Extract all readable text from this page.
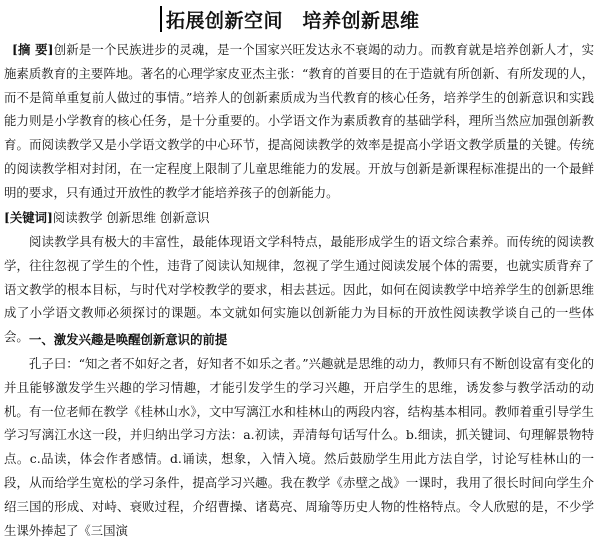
拓展创新空间　培养创新思维

[摘 要]创新是一个民族进步的灵魂，是一个国家兴旺发达永不衰竭的动力。而教育就是培养创新人才，实施素质教育的主要阵地。著名的心理学家皮亚杰主张：“教育的首要目的在于造就有所创新、有所发现的人，而不是简单重复前人做过的事情。”培养人的创新素质成为当代教育的核心任务，培养学生的创新意识和实践能力则是小学教育的核心任务，是十分重要的。小学语文作为素质教育的基础学科，理所当然应加强创新教育。而阅读教学又是小学语文教学的中心环节，提高阅读教学的效率是提高小学语文教学质量的关键。传统的阅读教学相对封闭，在一定程度上限制了儿童思维能力的发展。开放与创新是新课程标准提出的一个最鲜明的要求，只有通过开放性的教学才能培养孩子的创新能力。

[关键词]阅读教学 创新思维 创新意识

阅读教学具有极大的丰富性，最能体现语文学科特点，最能形成学生的语文综合素养。而传统的阅读教学，往往忽视了学生的个性，违背了阅读认知规律，忽视了学生通过阅读发展个体的需要，也就实质背弃了语文教学的根本目标，与时代对学校教学的要求，相去甚远。因此，如何在阅读教学中培养学生的创新思维成了小学语文教师必须探讨的课题。本文就如何实施以创新能力为目标的开放性阅读教学谈自己的一些体会。 一、激发兴趣是唤醒创新意识的前提

孔子曰：“知之者不如好之者，好知者不如乐之者。”兴趣就是思维的动力，教师只有不断创设富有变化的并且能够激发学生兴趣的学习情趣，才能引发学生的学习兴趣，开启学生的思维，诱发参与教学活动的动机。有一位老师在教学《桂林山水》，文中写漓江水和桂林山的两段内容，结构基本相同。教师着重引导学生学习写漓江水这一段，并归纳出学习方法：a.初读，弄清每句话写什么。b.细读，抓关键词、句理解景物特点。c.品读，体会作者感情。d.诵读，想象，入情入境。然后鼓励学生用此方法自学，讨论写桂林山的一段，从而给学生宽松的学习条件，提高学习兴趣。我在教学《赤壁之战》一课时，我用了很长时间向学生介绍三国的形成、对峙、衰败过程，介绍曹操、诸葛亮、周瑜等历史人物的性格特点。令人欣慰的是，不少学生课外捧起了《三国演
